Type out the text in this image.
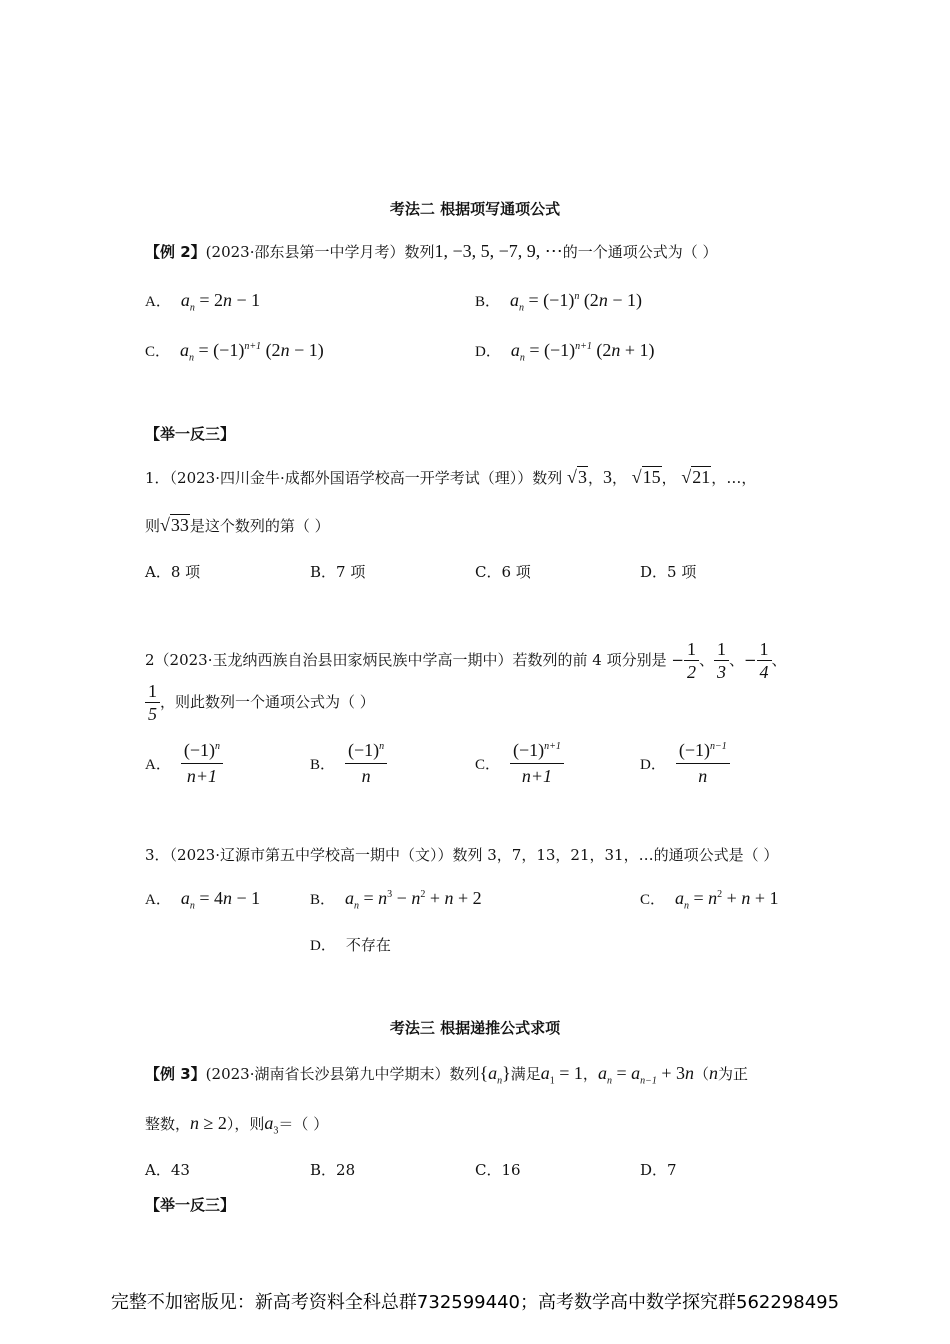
考法二 根据项写通项公式
【例 2】(2023·邵东县第一中学月考）数列1, −3, 5, −7, 9, ⋯的一个通项公式为（ ）
A． $a_n = 2n - 1$	B． $a_n = (-1)^n$ (2n − 1)
C． $a_n = (-1)^{n+1}$ (2n − 1)	D． $a_n = (-1)^{n+1}$ (2n + 1)
【举一反三】
1．（2023·四川金牛·成都外国语学校高一开学考试（理））数列 √3，3， √15， √21，…，
则√33是这个数列的第（ ）
A．8 项	B．7 项	C．6 项	D．5 项
2（2023·玉龙纳西族自治县田家炳民族中学高一期中）若数列的前 4 项分别是 − $\frac{1}{2}$ 、 $\frac{1}{3}$ 、− $\frac{1}{4}$ 、
$\frac{1}{5}$ ，则此数列一个通项公式为（ ）
A． $\frac{(-1)^n}{n+1}$	B． $\frac{(-1)^n}{n}$	C． $\frac{(-1)^{n+1}}{n+1}$	D． $\frac{(-1)^{n-1}}{n}$
3．（2023·辽源市第五中学校高一期中（文））数列 3，7，13，21，31，…的通项公式是（ ）
A． $a_n = 4n - 1$	B． $a_n = n^3 - n^2 + n + 2$	C． $a_n = n^2 + n + 1$
D． 不存在
考法三 根据递推公式求项
【例 3】(2023·湖南省长沙县第九中学期末）数列$\{a_n\}$满足$a_1 = 1$，$a_n = a_{n-1} + 3n(n$为正
整数，n ≥ 2），则$a_3=$（ ）
A．43	B．28	C．16	D．7
【举一反三】
完整不加密版见：新高考资料全科总群732599440；高考数学高中数学探究群562298495
